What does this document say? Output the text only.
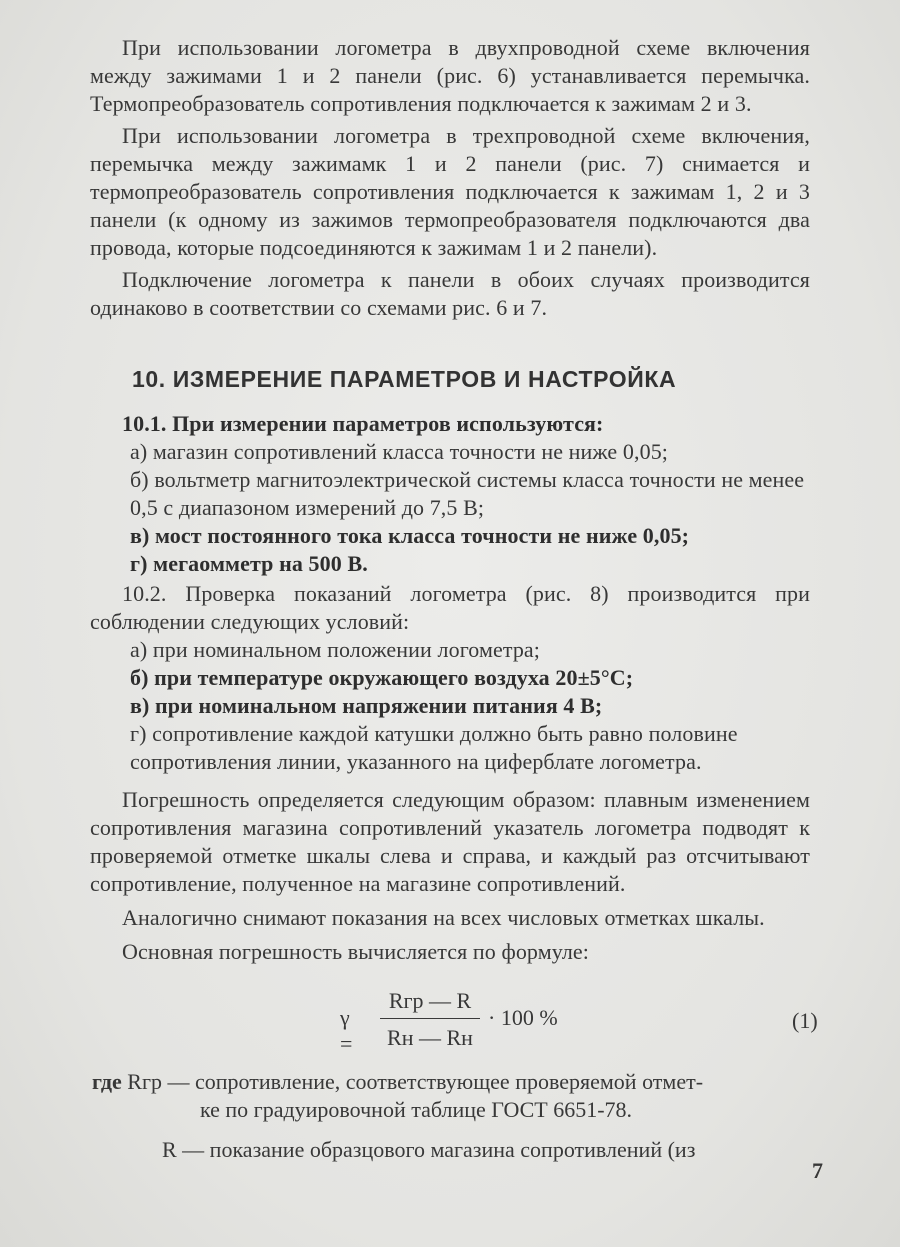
При использовании логометра в двухпроводной схеме включения между зажимами 1 и 2 панели (рис. 6) устанавливается перемычка. Термопреобразователь сопротивления подключается к зажимам 2 и 3.

При использовании логометра в трехпроводной схеме включения, перемычка между зажимамк 1 и 2 панели (рис. 7) снимается и термопреобразователь сопротивления подключается к зажимам 1, 2 и 3 панели (к одному из зажимов термопреобразователя подключаются два провода, которые подсоединяются к зажимам 1 и 2 панели).

Подключение логометра к панели в обоих случаях производится одинаково в соответствии со схемами рис. 6 и 7.

10. ИЗМЕРЕНИЕ ПАРАМЕТРОВ И НАСТРОЙКА

10.1. При измерении параметров используются:

а) магазин сопротивлений класса точности не ниже 0,05;

б) вольтметр магнитоэлектрической системы класса точности не менее 0,5 с диапазоном измерений до 7,5 В;

в) мост постоянного тока класса точности не ниже 0,05;

г) мегаомметр на 500 В.

10.2. Проверка показаний логометра (рис. 8) производится при соблюдении следующих условий:

а) при номинальном положении логометра;

б) при температуре окружающего воздуха 20±5°С;

в) при номинальном напряжении питания 4 В;

г) сопротивление каждой катушки должно быть равно половине сопротивления линии, указанного на циферблате логометра.

Погрешность определяется следующим образом: плавным изменением сопротивления магазина сопротивлений указатель логометра подводят к проверяемой отметке шкалы слева и справа, и каждый раз отсчитывают сопротивление, полученное на магазине сопротивлений.

Аналогично снимают показания на всех числовых отметках шкалы.

Основная погрешность вычисляется по формуле:

γ =
Rгр — R
Rн — Rн
· 100 %	(1)

где Rгр — сопротивление, соответствующее проверяемой отмет-

ке по градуировочной таблице ГОСТ 6651-78.

R — показание образцового магазина сопротивлений (из

7
